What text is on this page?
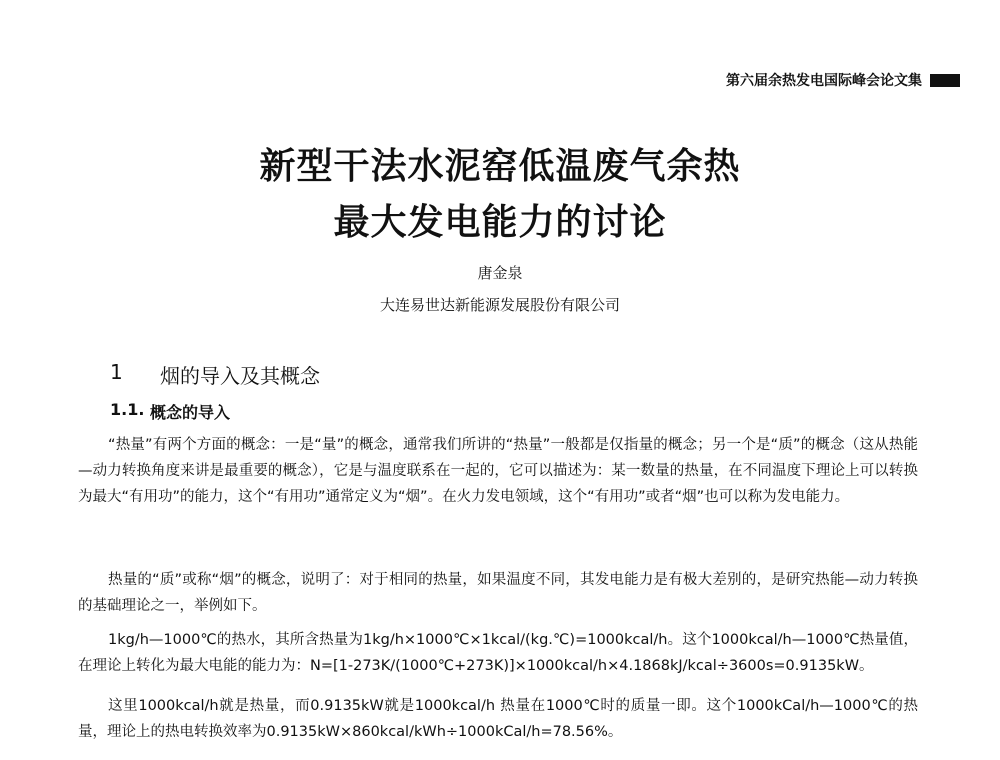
第六届余热发电国际峰会论文集
新型干法水泥窑低温废气余热
最大发电能力的讨论
唐金泉
大连易世达新能源发展股份有限公司
1	烟的导入及其概念
1.1. 概念的导入
“热量”有两个方面的概念：一是“量”的概念，通常我们所讲的“热量”一般都是仅指量的概念；另一个是“质”的概念（这从热能—动力转换角度来讲是最重要的概念），它是与温度联系在一起的，它可以描述为：某一数量的热量，在不同温度下理论上可以转换为最大“有用功”的能力，这个“有用功”通常定义为“烟”。在火力发电领域，这个“有用功”或者“烟”也可以称为发电能力。
热量的“质”或称“烟”的概念，说明了：对于相同的热量，如果温度不同，其发电能力是有极大差别的，是研究热能—动力转换的基础理论之一，举例如下。
1kg/h—1000℃的热水，其所含热量为1kg/h×1000℃×1kcal/(kg.℃)=1000kcal/h。这个1000kcal/h—1000℃热量值，在理论上转化为最大电能的能力为：N=[1-273K/(1000℃+273K)]×1000kcal/h×4.1868kJ/kcal÷3600s=0.9135kW。
这里1000kcal/h就是热量，而0.9135kW就是1000kcal/h 热量在1000℃时的质量一即。这个1000kCal/h—1000℃的热量，理论上的热电转换效率为0.9135kW×860kcal/kWh÷1000kCal/h=78.56%。
